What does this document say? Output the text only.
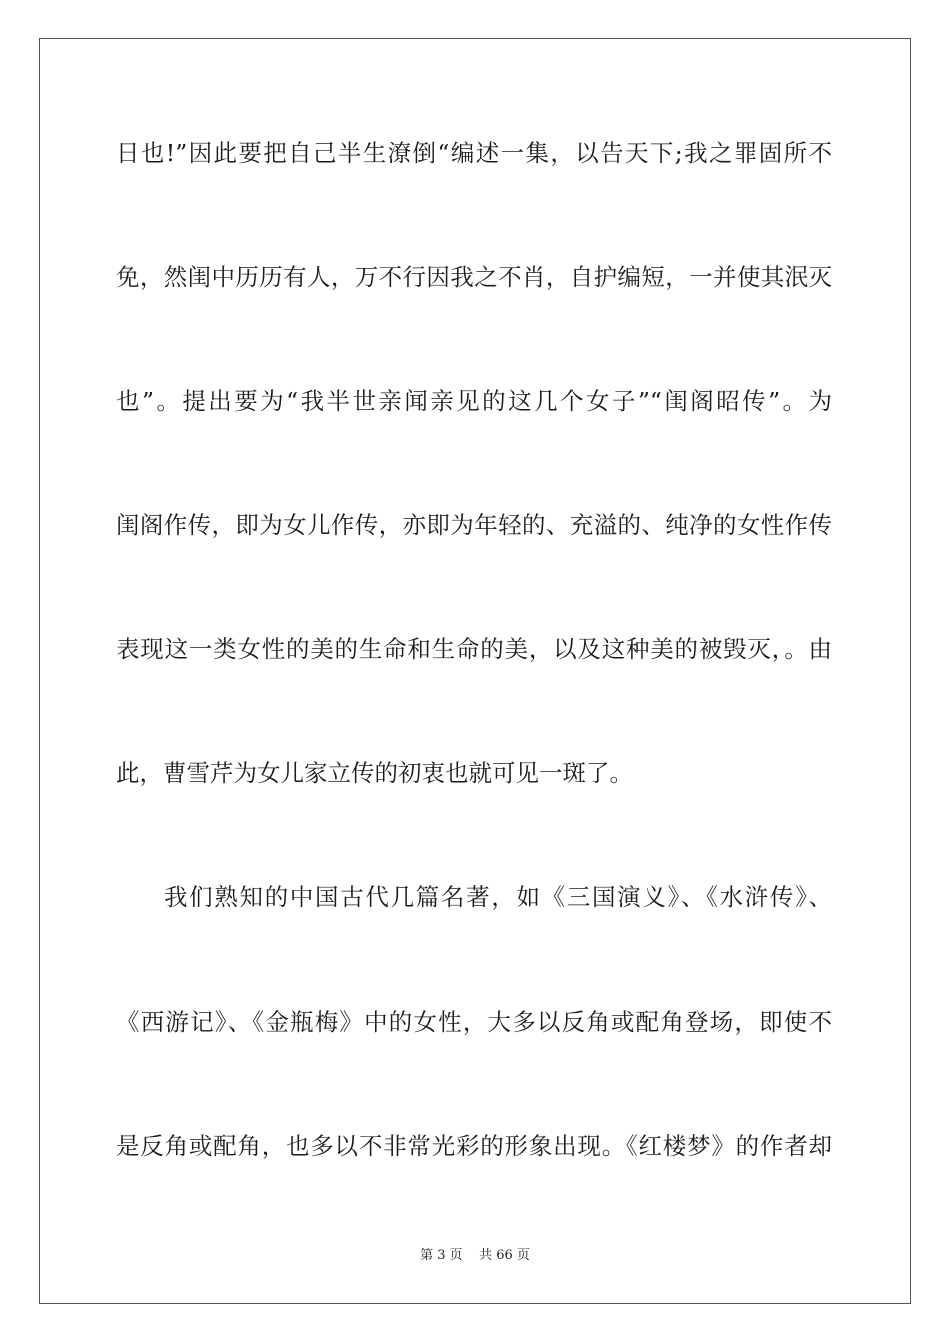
日也!”因此要把自己半生潦倒“编述一集，以告天下;我之罪固所不
免，然闺中历历有人，万不行因我之不肖，自护编短，一并使其泯灭
也”。提出要为“我半世亲闻亲见的这几个女子”“闺阁昭传”。为
闺阁作传，即为女儿作传，亦即为年轻的、充溢的、纯净的女性作传
表现这一类女性的美的生命和生命的美，以及这种美的被毁灭，。由
此，曹雪芹为女儿家立传的初衷也就可见一斑了。
我们熟知的中国古代几篇名著，如《三国演义》、《水浒传》、
《西游记》、《金瓶梅》中的女性，大多以反角或配角登场，即使不
是反角或配角，也多以不非常光彩的形象出现。《红楼梦》的作者却
第 3 页    共 66 页
